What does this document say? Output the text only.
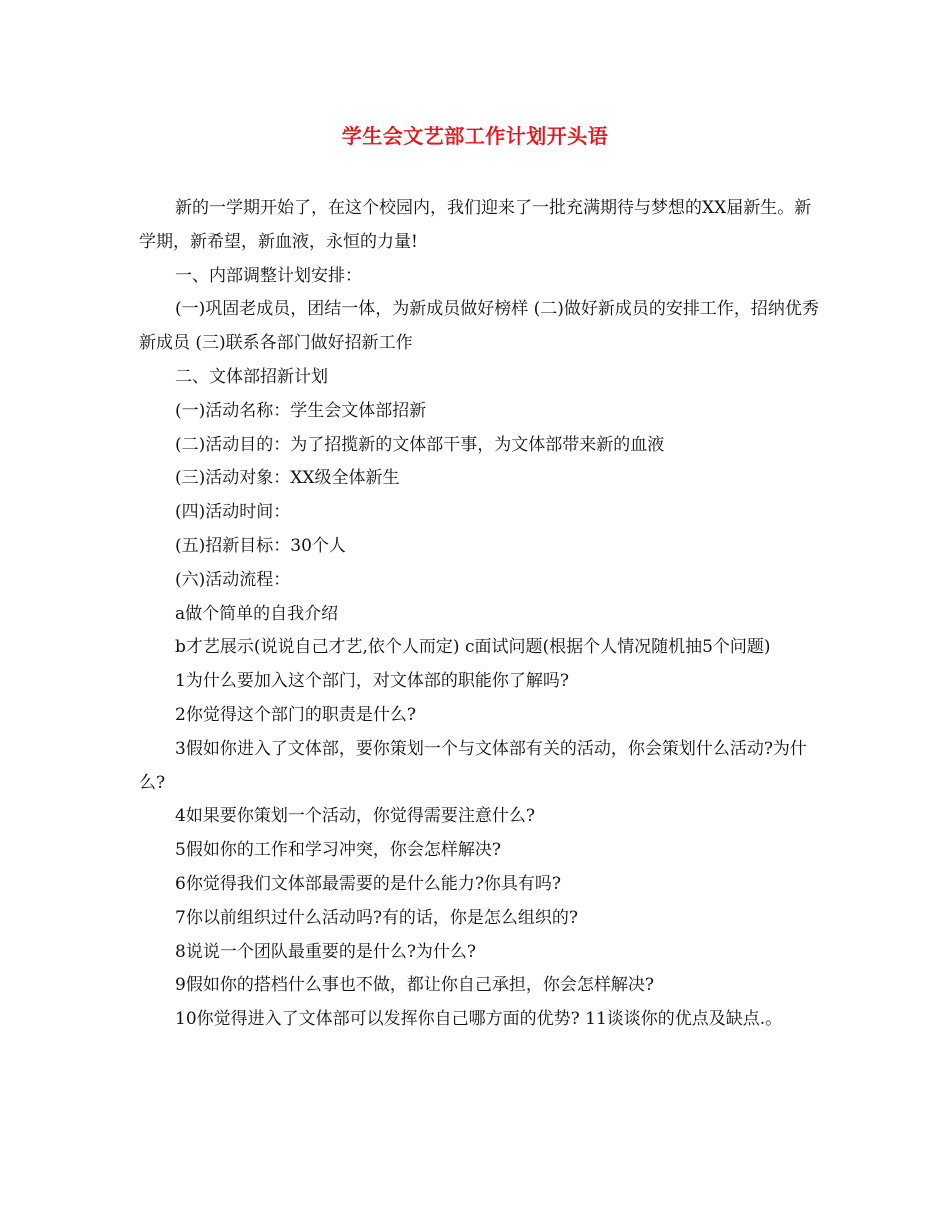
学生会文艺部工作计划开头语

新的一学期开始了，在这个校园内，我们迎来了一批充满期待与梦想的XX届新生。新学期，新希望，新血液，永恒的力量!

一、内部调整计划安排：

(一)巩固老成员，团结一体，为新成员做好榜样 (二)做好新成员的安排工作，招纳优秀新成员 (三)联系各部门做好招新工作

二、文体部招新计划

(一)活动名称：学生会文体部招新

(二)活动目的：为了招揽新的文体部干事，为文体部带来新的血液

(三)活动对象：XX级全体新生

(四)活动时间：

(五)招新目标：30个人

(六)活动流程：

a做个简单的自我介绍

b才艺展示(说说自己才艺,依个人而定) c面试问题(根据个人情况随机抽5个问题)

1为什么要加入这个部门，对文体部的职能你了解吗?

2你觉得这个部门的职责是什么?

3假如你进入了文体部，要你策划一个与文体部有关的活动，你会策划什么活动?为什么?

4如果要你策划一个活动，你觉得需要注意什么?

5假如你的工作和学习冲突，你会怎样解决?

6你觉得我们文体部最需要的是什么能力?你具有吗?

7你以前组织过什么活动吗?有的话，你是怎么组织的?

8说说一个团队最重要的是什么?为什么?

9假如你的搭档什么事也不做，都让你自己承担，你会怎样解决?

10你觉得进入了文体部可以发挥你自己哪方面的优势? 11谈谈你的优点及缺点.。
